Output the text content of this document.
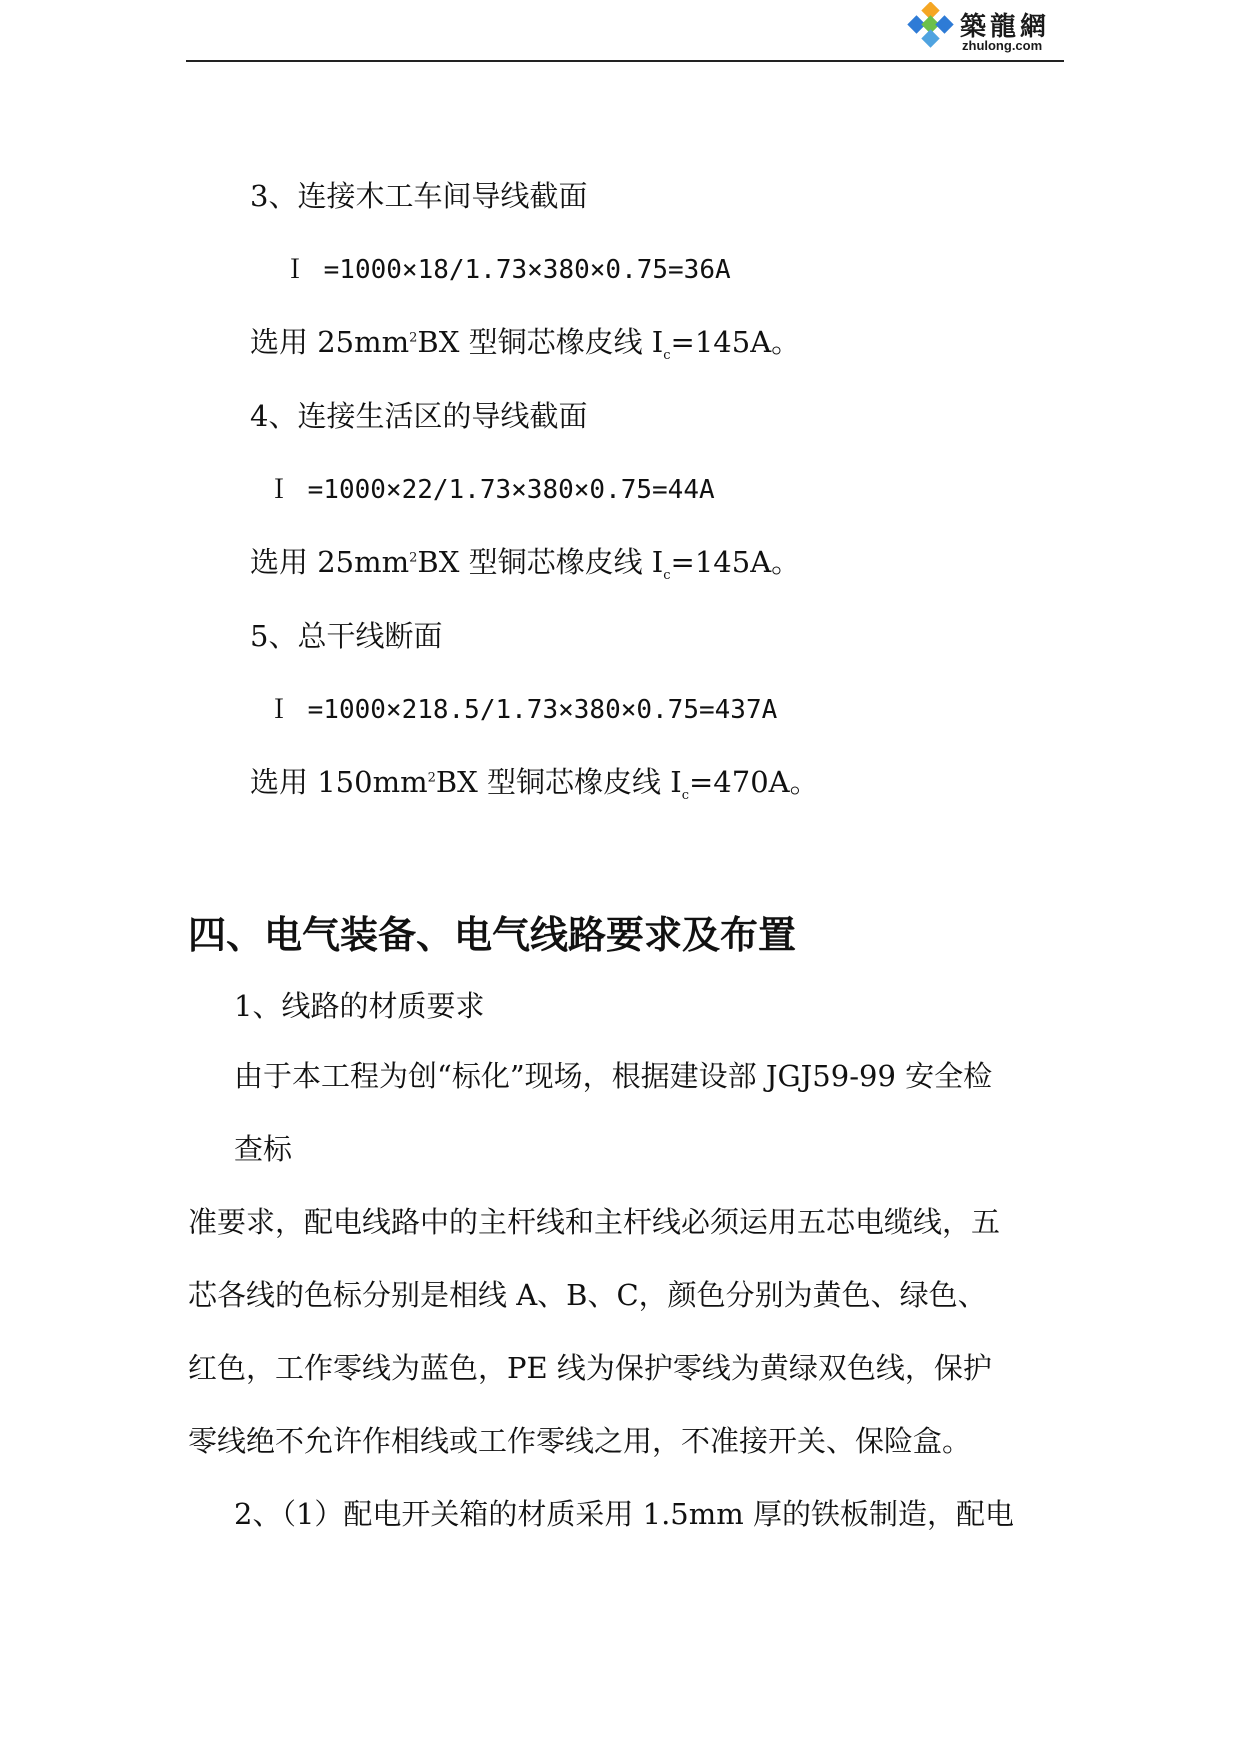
築龍網
zhulong.com
3、连接木工车间导线截面
Ｉ =1000×18/1.73×380×0.75=36A
选用 $25mm^2BX$ 型铜芯橡皮线 $I_c=145A$。
4、连接生活区的导线截面
Ｉ =1000×22/1.73×380×0.75=44A
选用 $25mm^2BX$ 型铜芯橡皮线 $I_c=145A$。
5、总干线断面
Ｉ =1000×218.5/1.73×380×0.75=437A
选用 $150mm^2BX$ 型铜芯橡皮线 $I_c=470A$。
四、电气装备、电气线路要求及布置
1、线路的材质要求
由于本工程为创“标化”现场，根据建设部 JGJ59-99 安全检
查标
准要求，配电线路中的主杆线和主杆线必须运用五芯电缆线，五
芯各线的色标分别是相线 A、B、C，颜色分别为黄色、绿色、
红色，工作零线为蓝色，PE 线为保护零线为黄绿双色线，保护
零线绝不允许作相线或工作零线之用，不准接开关、保险盒。
2、（1）配电开关箱的材质采用 1.5mm 厚的铁板制造，配电
